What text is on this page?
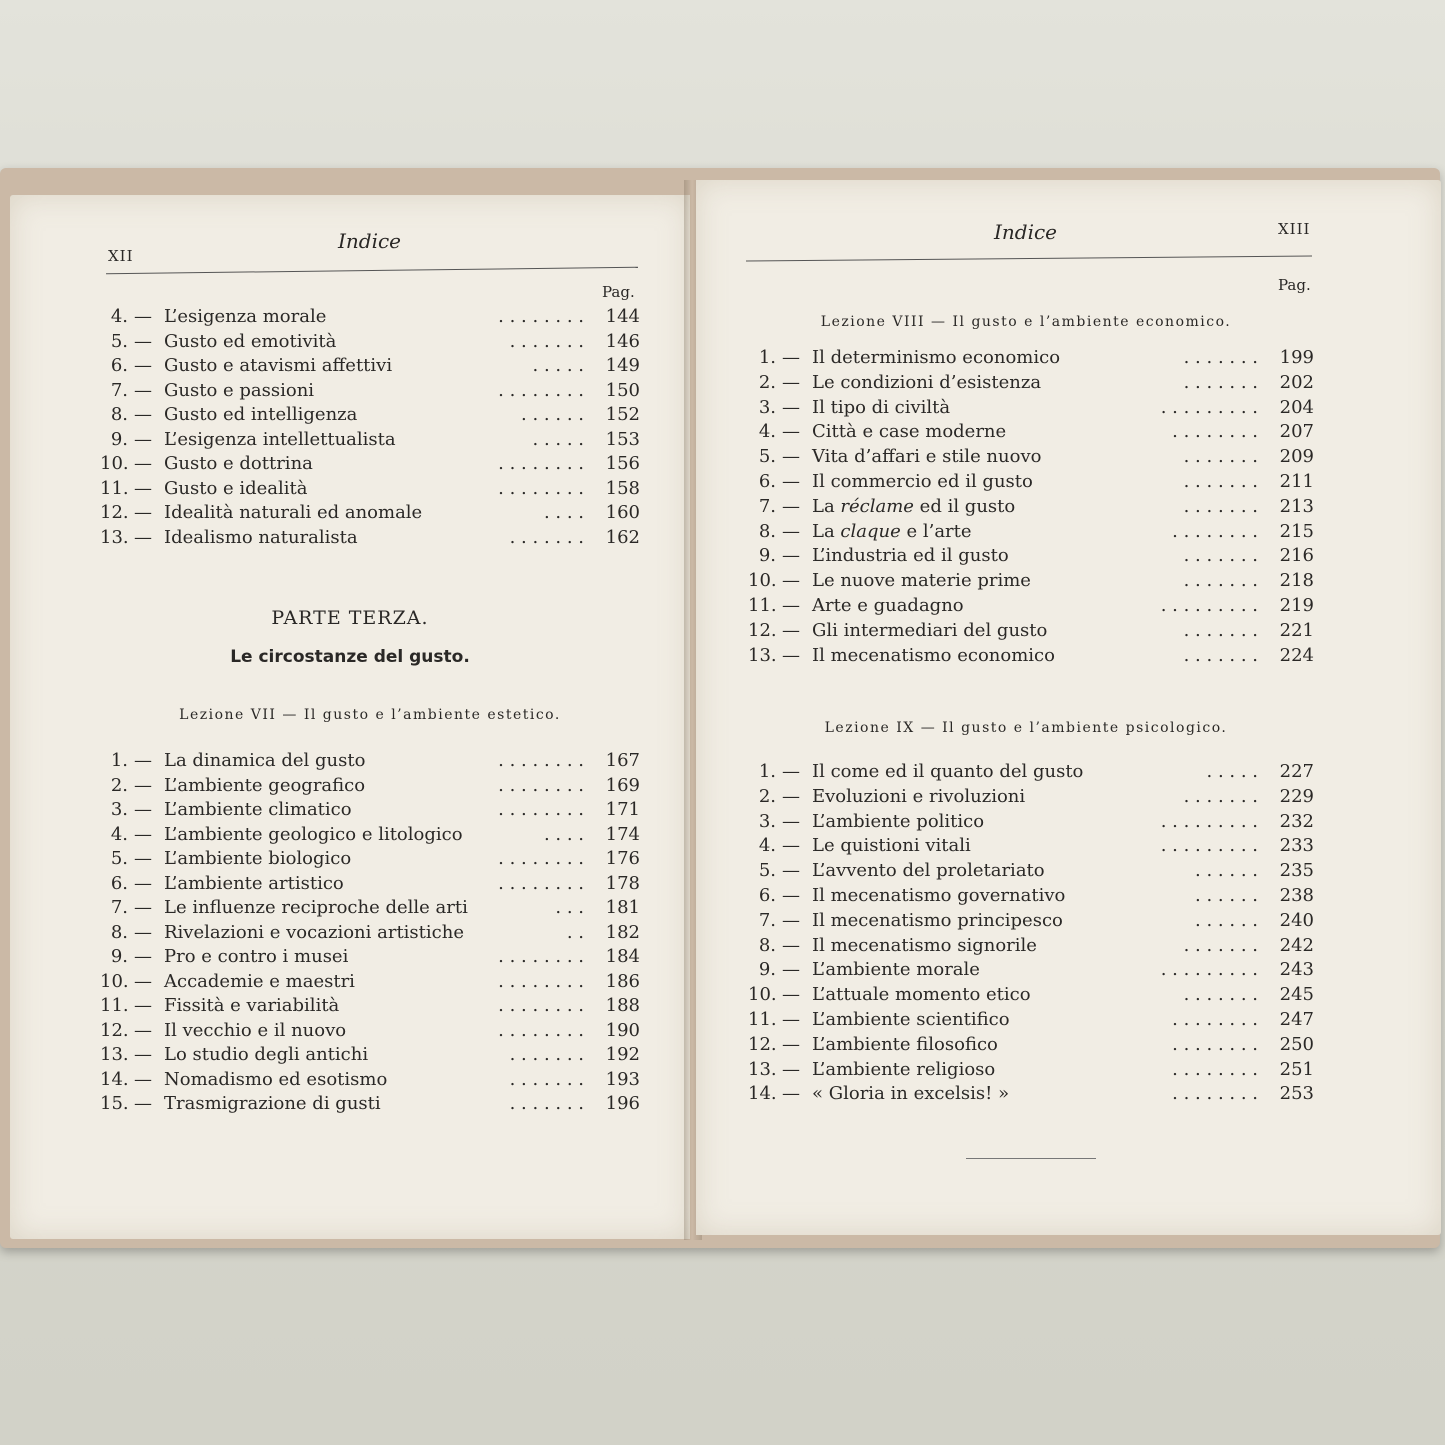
XII
Indice
Pag.
4. — L’esigenza morale	. . . . . . . .	144
5. — Gusto ed emotività	. . . . . . .	146
6. — Gusto e atavismi affettivi	. . . . .	149
7. — Gusto e passioni	. . . . . . . .	150
8. — Gusto ed intelligenza	. . . . . .	152
9. — L’esigenza intellettualista	. . . . .	153
10. — Gusto e dottrina	. . . . . . . .	156
11. — Gusto e idealità	. . . . . . . .	158
12. — Idealità naturali ed anomale	. . . .	160
13. — Idealismo naturalista	. . . . . . .	162
PARTE TERZA.
Le circostanze del gusto.
Lezione VII — Il gusto e l’ambiente estetico.
1. — La dinamica del gusto	. . . . . . . .	167
2. — L’ambiente geografico	. . . . . . . .	169
3. — L’ambiente climatico	. . . . . . . .	171
4. — L’ambiente geologico e litologico	. . . .	174
5. — L’ambiente biologico	. . . . . . . .	176
6. — L’ambiente artistico	. . . . . . . .	178
7. — Le influenze reciproche delle arti	. . .	181
8. — Rivelazioni e vocazioni artistiche	. .	182
9. — Pro e contro i musei	. . . . . . . .	184
10. — Accademie e maestri	. . . . . . . .	186
11. — Fissità e variabilità	. . . . . . . .	188
12. — Il vecchio e il nuovo	. . . . . . . .	190
13. — Lo studio degli antichi	. . . . . . .	192
14. — Nomadismo ed esotismo	. . . . . . .	193
15. — Trasmigrazione di gusti	. . . . . . .	196
Indice	XIII
Pag.
Lezione VIII — Il gusto e l’ambiente economico.
1. — Il determinismo economico	. . . . . . .	199
2. — Le condizioni d’esistenza	. . . . . . .	202
3. — Il tipo di civiltà	. . . . . . . . .	204
4. — Città e case moderne	. . . . . . . .	207
5. — Vita d’affari e stile nuovo	. . . . . . .	209
6. — Il commercio ed il gusto	. . . . . . .	211
7. — La réclame ed il gusto	. . . . . . .	213
8. — La claque e l’arte	. . . . . . . .	215
9. — L’industria ed il gusto	. . . . . . .	216
10. — Le nuove materie prime	. . . . . . .	218
11. — Arte e guadagno	. . . . . . . . .	219
12. — Gli intermediari del gusto	. . . . . . .	221
13. — Il mecenatismo economico	. . . . . . .	224
Lezione IX — Il gusto e l’ambiente psicologico.
1. — Il come ed il quanto del gusto	. . . . .	227
2. — Evoluzioni e rivoluzioni	. . . . . . .	229
3. — L’ambiente politico	. . . . . . . . .	232
4. — Le quistioni vitali	. . . . . . . . .	233
5. — L’avvento del proletariato	. . . . . .	235
6. — Il mecenatismo governativo	. . . . . .	238
7. — Il mecenatismo principesco	. . . . . .	240
8. — Il mecenatismo signorile	. . . . . . .	242
9. — L’ambiente morale	. . . . . . . . .	243
10. — L’attuale momento etico	. . . . . . .	245
11. — L’ambiente scientifico	. . . . . . . .	247
12. — L’ambiente filosofico	. . . . . . . .	250
13. — L’ambiente religioso	. . . . . . . .	251
14. — « Gloria in excelsis! »	. . . . . . . .	253
